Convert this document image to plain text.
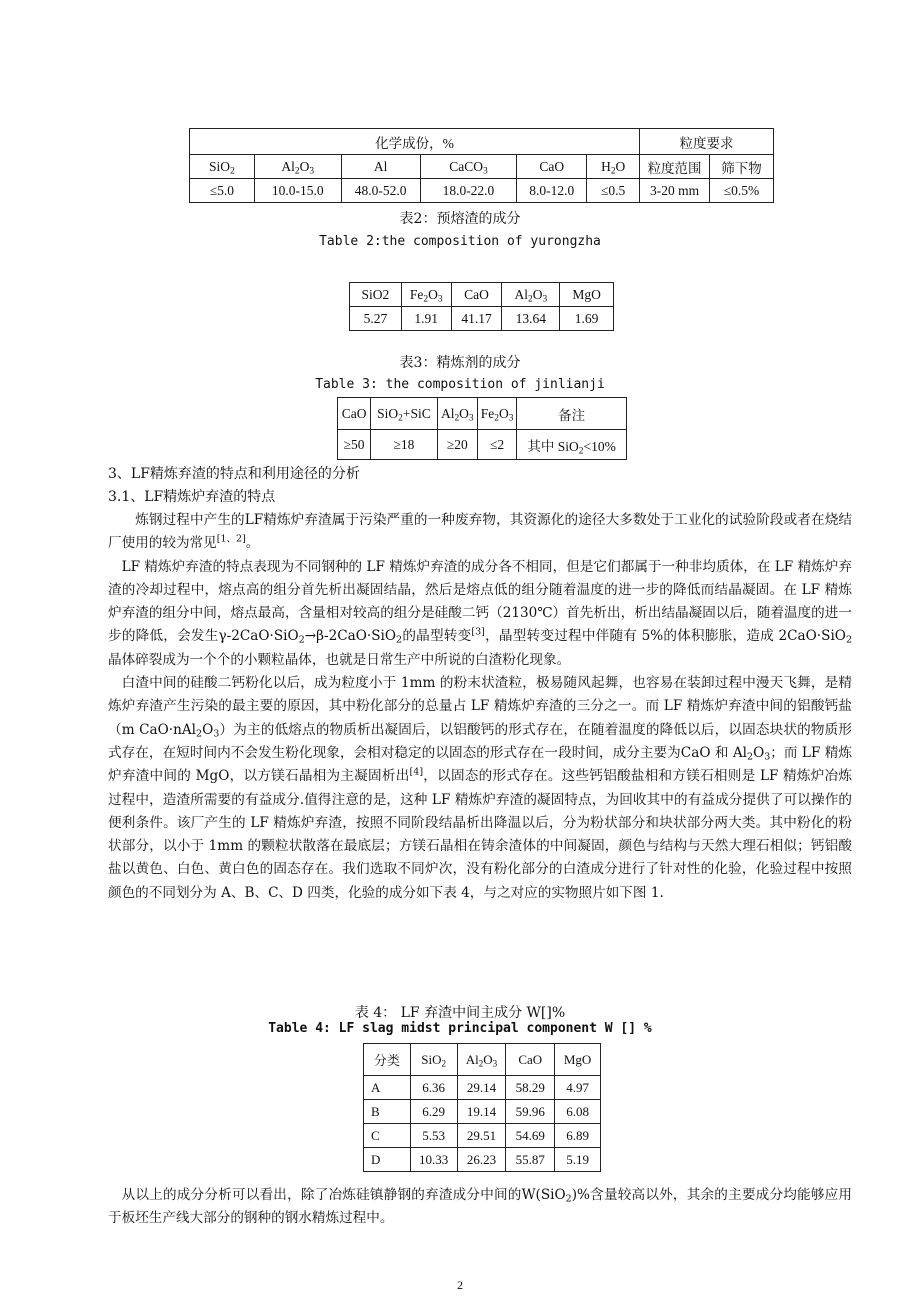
化学成份，%						粒度要求	
SiO$_2$	$Al_2O_3$	Al	CaCO$_3$	CaO	$H_2O$	粒度范围	筛下物
≤5.0	10.0-15.0	48.0-52.0	18.0-22.0	8.0-12.0	≤0.5	3-20 mm	≤0.5%
表2：预熔渣的成分
Table 2:the composition of yurongzha
SiO2	$Fe_2O_3$	CaO	$Al_2O_3$	MgO
5.27	1.91	41.17	13.64	1.69
表3：精炼剂的成分
Table 3: the composition of jinlianji
CaO	SiO$_2$+SiC	$Al_2O_3$	$Fe_2O_3$	备注
≥50	≥18	≥20	≤2	其中 SiO$_2$<10%
3、LF精炼弃渣的特点和利用途径的分析
3.1、LF精炼炉弃渣的特点

炼钢过程中产生的LF精炼炉弃渣属于污染严重的一种废弃物，其资源化的途径大多数处于工业化的试验阶段或者在烧结厂使用的较为常见[1、2]。

LF 精炼炉弃渣的特点表现为不同钢种的 LF 精炼炉弃渣的成分各不相同，但是它们都属于一种非均质体，在 LF 精炼炉弃渣的冷却过程中，熔点高的组分首先析出凝固结晶，然后是熔点低的组分随着温度的进一步的降低而结晶凝固。在 LF 精炼炉弃渣的组分中间，熔点最高，含量相对较高的组分是硅酸二钙（2130℃）首先析出，析出结晶凝固以后，随着温度的进一步的降低，会发生γ-2CaO·SiO$_2$→β-2CaO·SiO$_2$的晶型转变[3]，晶型转变过程中伴随有 5%的体积膨胀，造成 2CaO·SiO$_2$晶体碎裂成为一个个的小颗粒晶体，也就是日常生产中所说的白渣粉化现象。

白渣中间的硅酸二钙粉化以后，成为粒度小于 1mm 的粉末状渣粒，极易随风起舞，也容易在装卸过程中漫天飞舞，是精炼炉弃渣产生污染的最主要的原因，其中粉化部分的总量占 LF 精炼炉弃渣的三分之一。而 LF 精炼炉弃渣中间的铝酸钙盐（m $CaO\cdot nAl_2O_3$）为主的低熔点的物质析出凝固后，以铝酸钙的形式存在，在随着温度的降低以后，以固态块状的物质形式存在，在短时间内不会发生粉化现象，会相对稳定的以固态的形式存在一段时间，成分主要为CaO 和 $Al_2O_3$；而 LF 精炼炉弃渣中间的 MgO，以方镁石晶相为主凝固析出[4]，以固态的形式存在。这些钙铝酸盐相和方镁石相则是 LF 精炼炉冶炼过程中，造渣所需要的有益成分.值得注意的是，这种 LF 精炼炉弃渣的凝固特点，为回收其中的有益成分提供了可以操作的便利条件。该厂产生的 LF 精炼炉弃渣，按照不同阶段结晶析出降温以后，分为粉状部分和块状部分两大类。其中粉化的粉状部分，以小于 1mm 的颗粒状散落在最底层；方镁石晶相在铸余渣体的中间凝固，颜色与结构与天然大理石相似；钙铝酸盐以黄色、白色、黄白色的固态存在。我们选取不同炉次，没有粉化部分的白渣成分进行了针对性的化验，化验过程中按照颜色的不同划分为 A、B、C、D 四类，化验的成分如下表 4，与之对应的实物照片如下图 1.

表 4： LF 弃渣中间主成分 W[]%
Table 4: LF slag midst principal component W [] %
分类	SiO$_2$	$Al_2O_3$	CaO	MgO
A	6.36	29.14	58.29	4.97
B	6.29	19.14	59.96	6.08
C	5.53	29.51	54.69	6.89
D	10.33	26.23	55.87	5.19

从以上的成分分析可以看出，除了冶炼硅镇静钢的弃渣成分中间的W(SiO$_2$)%含量较高以外，其余的主要成分均能够应用于板坯生产线大部分的钢种的钢水精炼过程中。

2
